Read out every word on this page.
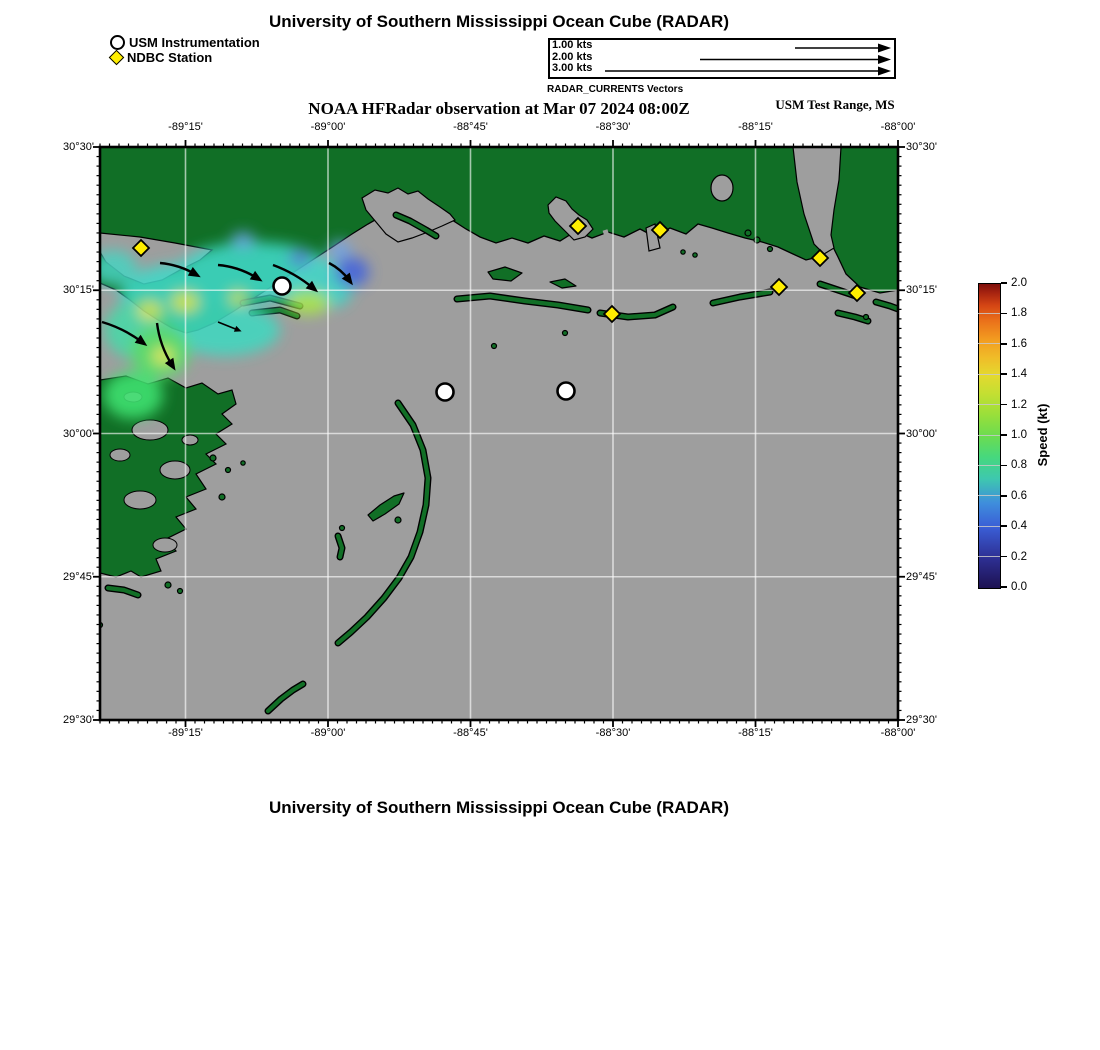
University of Southern Mississippi Ocean Cube (RADAR)
USM Instrumentation
NDBC Station
1.00 kts
2.00 kts
3.00 kts
RADAR_CURRENTS Vectors
NOAA HFRadar observation at Mar 07 2024 08:00Z	USM Test Range, MS
-89°15'
-89°15'
-89°00'
-89°00'
-88°45'
-88°45'
-88°30'
-88°30'
-88°15'
-88°15'
-88°00'
-88°00'
30°30'	30°30'
30°15'	30°15'
30°00'	30°00'
29°45'	29°45'
29°30'	29°30'
0.0
0.2
0.4
0.6
0.8
1.0
1.2
1.4
1.6
1.8
2.0
Speed (kt)
University of Southern Mississippi Ocean Cube (RADAR)
